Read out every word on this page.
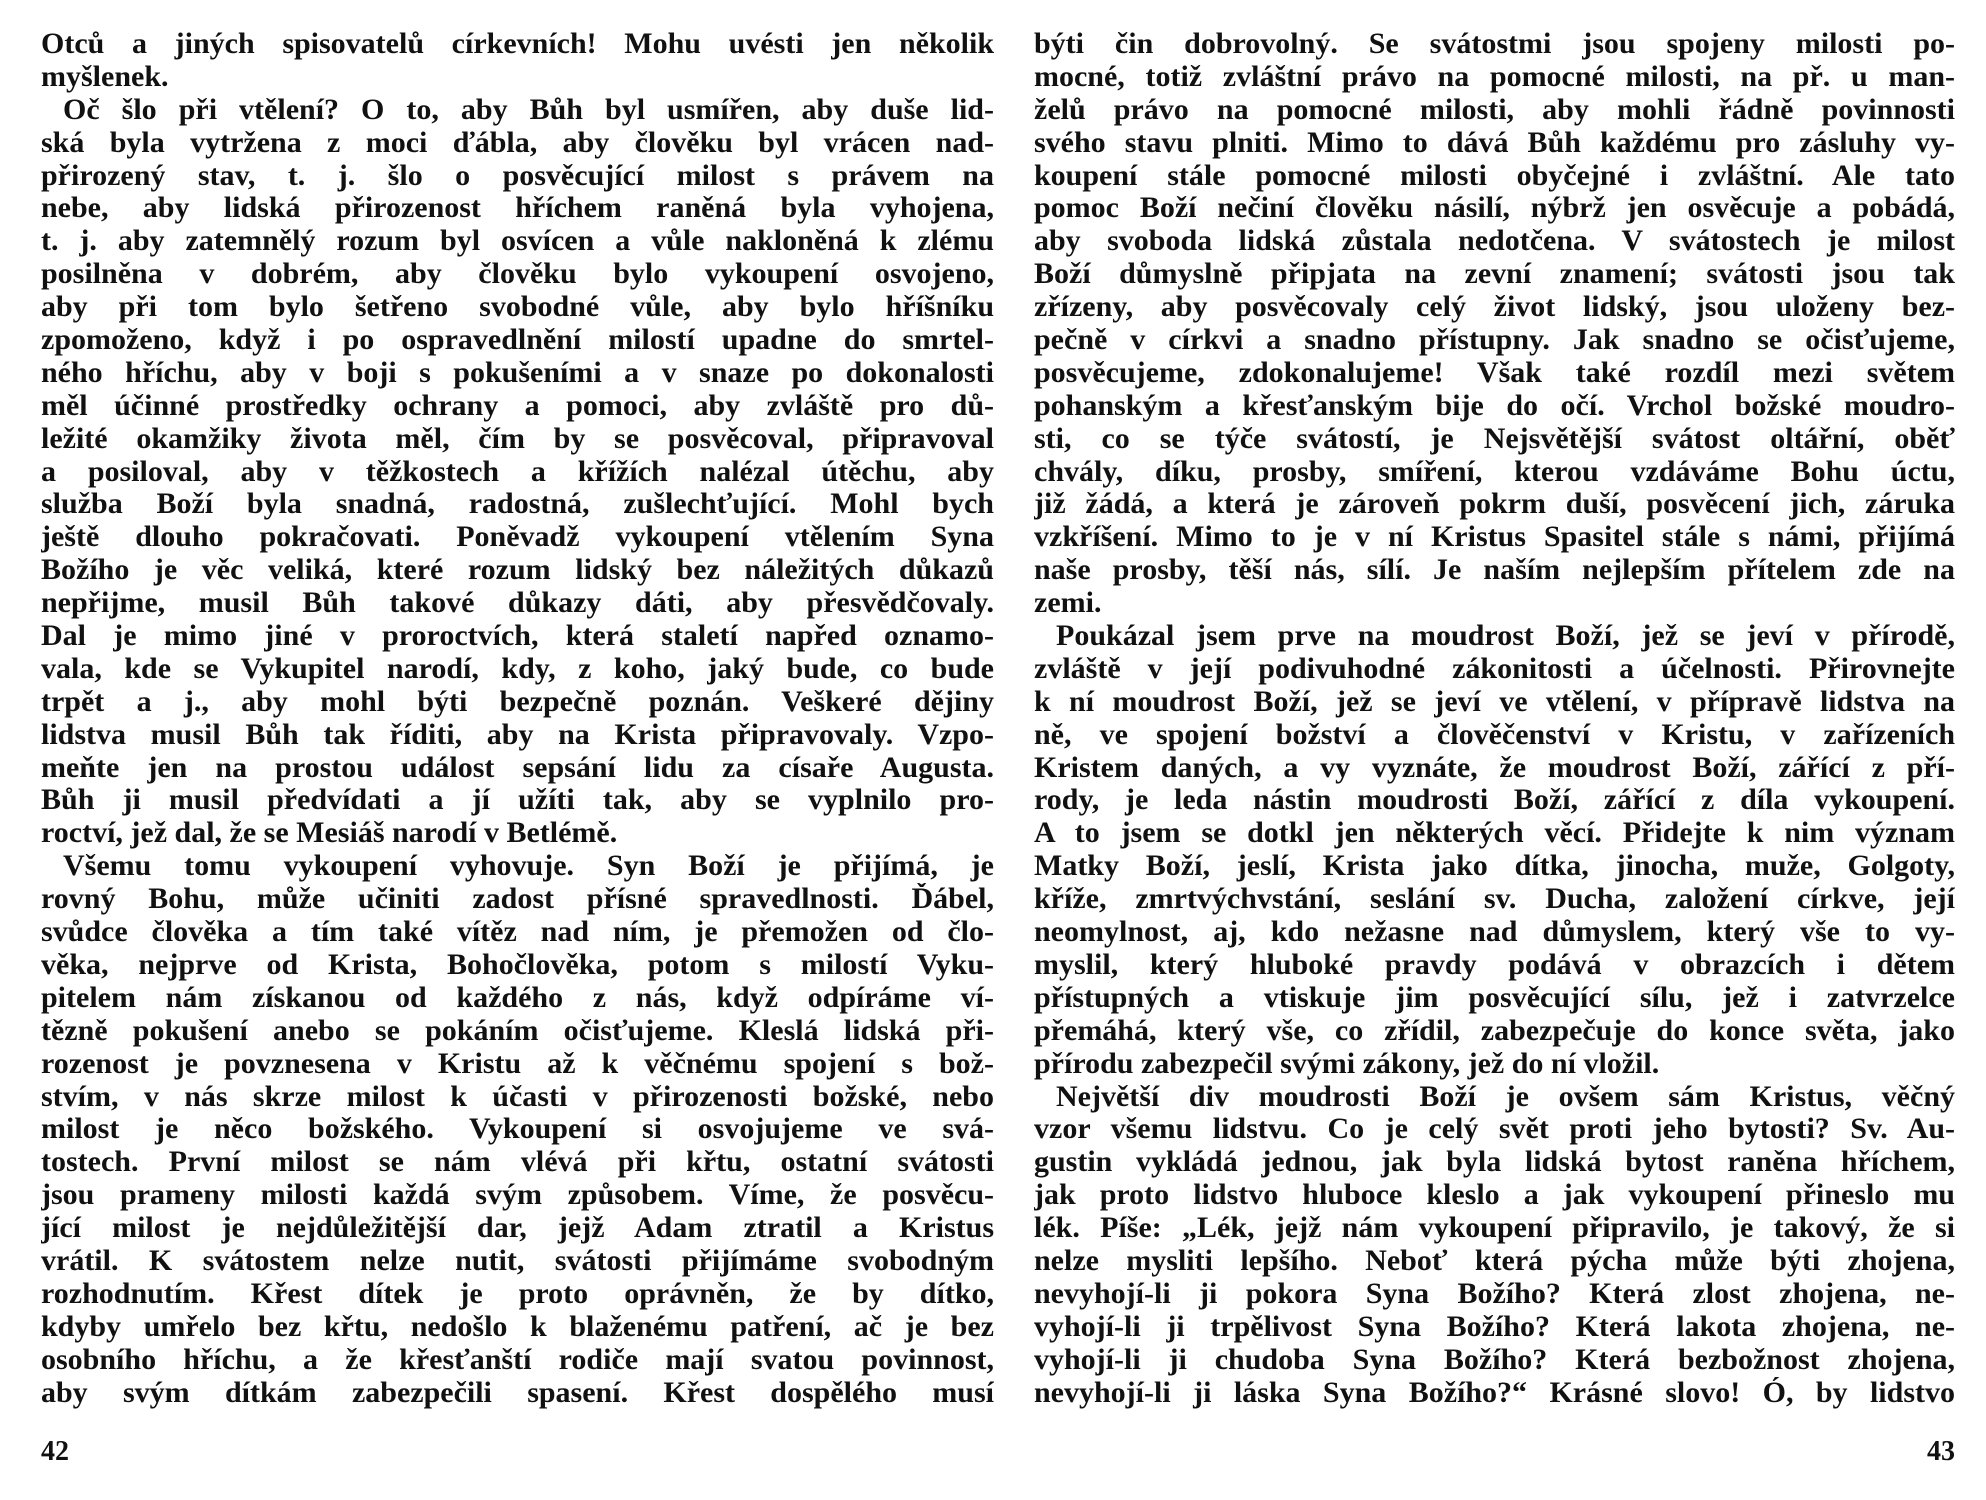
Otců a jiných spisovatelů církevních! Mohu uvésti jen několik
myšlenek.
Oč šlo při vtělení? O to, aby Bůh byl usmířen, aby duše lid-
ská byla vytržena z moci ďábla, aby člověku byl vrácen nad-
přirozený stav, t. j. šlo o posvěcující milost s právem na
nebe, aby lidská přirozenost hříchem raněná byla vyhojena,
t. j. aby zatemnělý rozum byl osvícen a vůle nakloněná k zlému
posilněna v dobrém, aby člověku bylo vykoupení osvojeno,
aby při tom bylo šetřeno svobodné vůle, aby bylo hříšníku
zpomoženo, když i po ospravedlnění milostí upadne do smrtel-
ného hříchu, aby v boji s pokušeními a v snaze po dokonalosti
měl účinné prostředky ochrany a pomoci, aby zvláště pro dů-
ležité okamžiky života měl, čím by se posvěcoval, připravoval
a posiloval, aby v těžkostech a křížích nalézal útěchu, aby
služba Boží byla snadná, radostná, zušlechťující. Mohl bych
ještě dlouho pokračovati. Poněvadž vykoupení vtělením Syna
Božího je věc veliká, které rozum lidský bez náležitých důkazů
nepřijme, musil Bůh takové důkazy dáti, aby přesvědčovaly.
Dal je mimo jiné v proroctvích, která staletí napřed oznamo-
vala, kde se Vykupitel narodí, kdy, z koho, jaký bude, co bude
trpět a j., aby mohl býti bezpečně poznán. Veškeré dějiny
lidstva musil Bůh tak říditi, aby na Krista připravovaly. Vzpo-
meňte jen na prostou událost sepsání lidu za císaře Augusta.
Bůh ji musil předvídati a jí užíti tak, aby se vyplnilo pro-
roctví, jež dal, že se Mesiáš narodí v Betlémě.
Všemu tomu vykoupení vyhovuje. Syn Boží je přijímá, je
rovný Bohu, může učiniti zadost přísné spravedlnosti. Ďábel,
svůdce člověka a tím také vítěz nad ním, je přemožen od člo-
věka, nejprve od Krista, Bohočlověka, potom s milostí Vyku-
pitelem nám získanou od každého z nás, když odpíráme ví-
tězně pokušení anebo se pokáním očisťujeme. Kleslá lidská při-
rozenost je povznesena v Kristu až k věčnému spojení s bož-
stvím, v nás skrze milost k účasti v přirozenosti božské, nebo
milost je něco božského. Vykoupení si osvojujeme ve svá-
tostech. První milost se nám vlévá při křtu, ostatní svátosti
jsou prameny milosti každá svým způsobem. Víme, že posvěcu-
jící milost je nejdůležitější dar, jejž Adam ztratil a Kristus
vrátil. K svátostem nelze nutit, svátosti přijímáme svobodným
rozhodnutím. Křest dítek je proto oprávněn, že by dítko,
kdyby umřelo bez křtu, nedošlo k blaženému patření, ač je bez
osobního hříchu, a že křesťanští rodiče mají svatou povinnost,
aby svým dítkám zabezpečili spasení. Křest dospělého musí
býti čin dobrovolný. Se svátostmi jsou spojeny milosti po-
mocné, totiž zvláštní právo na pomocné milosti, na př. u man-
želů právo na pomocné milosti, aby mohli řádně povinnosti
svého stavu plniti. Mimo to dává Bůh každému pro zásluhy vy-
koupení stále pomocné milosti obyčejné i zvláštní. Ale tato
pomoc Boží nečiní člověku násilí, nýbrž jen osvěcuje a pobádá,
aby svoboda lidská zůstala nedotčena. V svátostech je milost
Boží důmyslně připjata na zevní znamení; svátosti jsou tak
zřízeny, aby posvěcovaly celý život lidský, jsou uloženy bez-
pečně v církvi a snadno přístupny. Jak snadno se očisťujeme,
posvěcujeme, zdokonalujeme! Však také rozdíl mezi světem
pohanským a křesťanským bije do očí. Vrchol božské moudro-
sti, co se týče svátostí, je Nejsvětější svátost oltářní, oběť
chvály, díku, prosby, smíření, kterou vzdáváme Bohu úctu,
již žádá, a která je zároveň pokrm duší, posvěcení jich, záruka
vzkříšení. Mimo to je v ní Kristus Spasitel stále s námi, přijímá
naše prosby, těší nás, sílí. Je naším nejlepším přítelem zde na
zemi.
Poukázal jsem prve na moudrost Boží, jež se jeví v přírodě,
zvláště v její podivuhodné zákonitosti a účelnosti. Přirovnejte
k ní moudrost Boží, jež se jeví ve vtělení, v přípravě lidstva na
ně, ve spojení božství a člověčenství v Kristu, v zařízeních
Kristem daných, a vy vyznáte, že moudrost Boží, zářící z pří-
rody, je leda nástin moudrosti Boží, zářící z díla vykoupení.
A to jsem se dotkl jen některých věcí. Přidejte k nim význam
Matky Boží, jeslí, Krista jako dítka, jinocha, muže, Golgoty,
kříže, zmrtvýchvstání, seslání sv. Ducha, založení církve, její
neomylnost, aj, kdo nežasne nad důmyslem, který vše to vy-
myslil, který hluboké pravdy podává v obrazcích i dětem
přístupných a vtiskuje jim posvěcující sílu, jež i zatvrzelce
přemáhá, který vše, co zřídil, zabezpečuje do konce světa, jako
přírodu zabezpečil svými zákony, jež do ní vložil.
Největší div moudrosti Boží je ovšem sám Kristus, věčný
vzor všemu lidstvu. Co je celý svět proti jeho bytosti? Sv. Au-
gustin vykládá jednou, jak byla lidská bytost raněna hříchem,
jak proto lidstvo hluboce kleslo a jak vykoupení přineslo mu
lék. Píše: „Lék, jejž nám vykoupení připravilo, je takový, že si
nelze mysliti lepšího. Neboť která pýcha může býti zhojena,
nevyhojí-li ji pokora Syna Božího? Která zlost zhojena, ne-
vyhojí-li ji trpělivost Syna Božího? Která lakota zhojena, ne-
vyhojí-li ji chudoba Syna Božího? Která bezbožnost zhojena,
nevyhojí-li ji láska Syna Božího?“ Krásné slovo! Ó, by lidstvo
42	43
